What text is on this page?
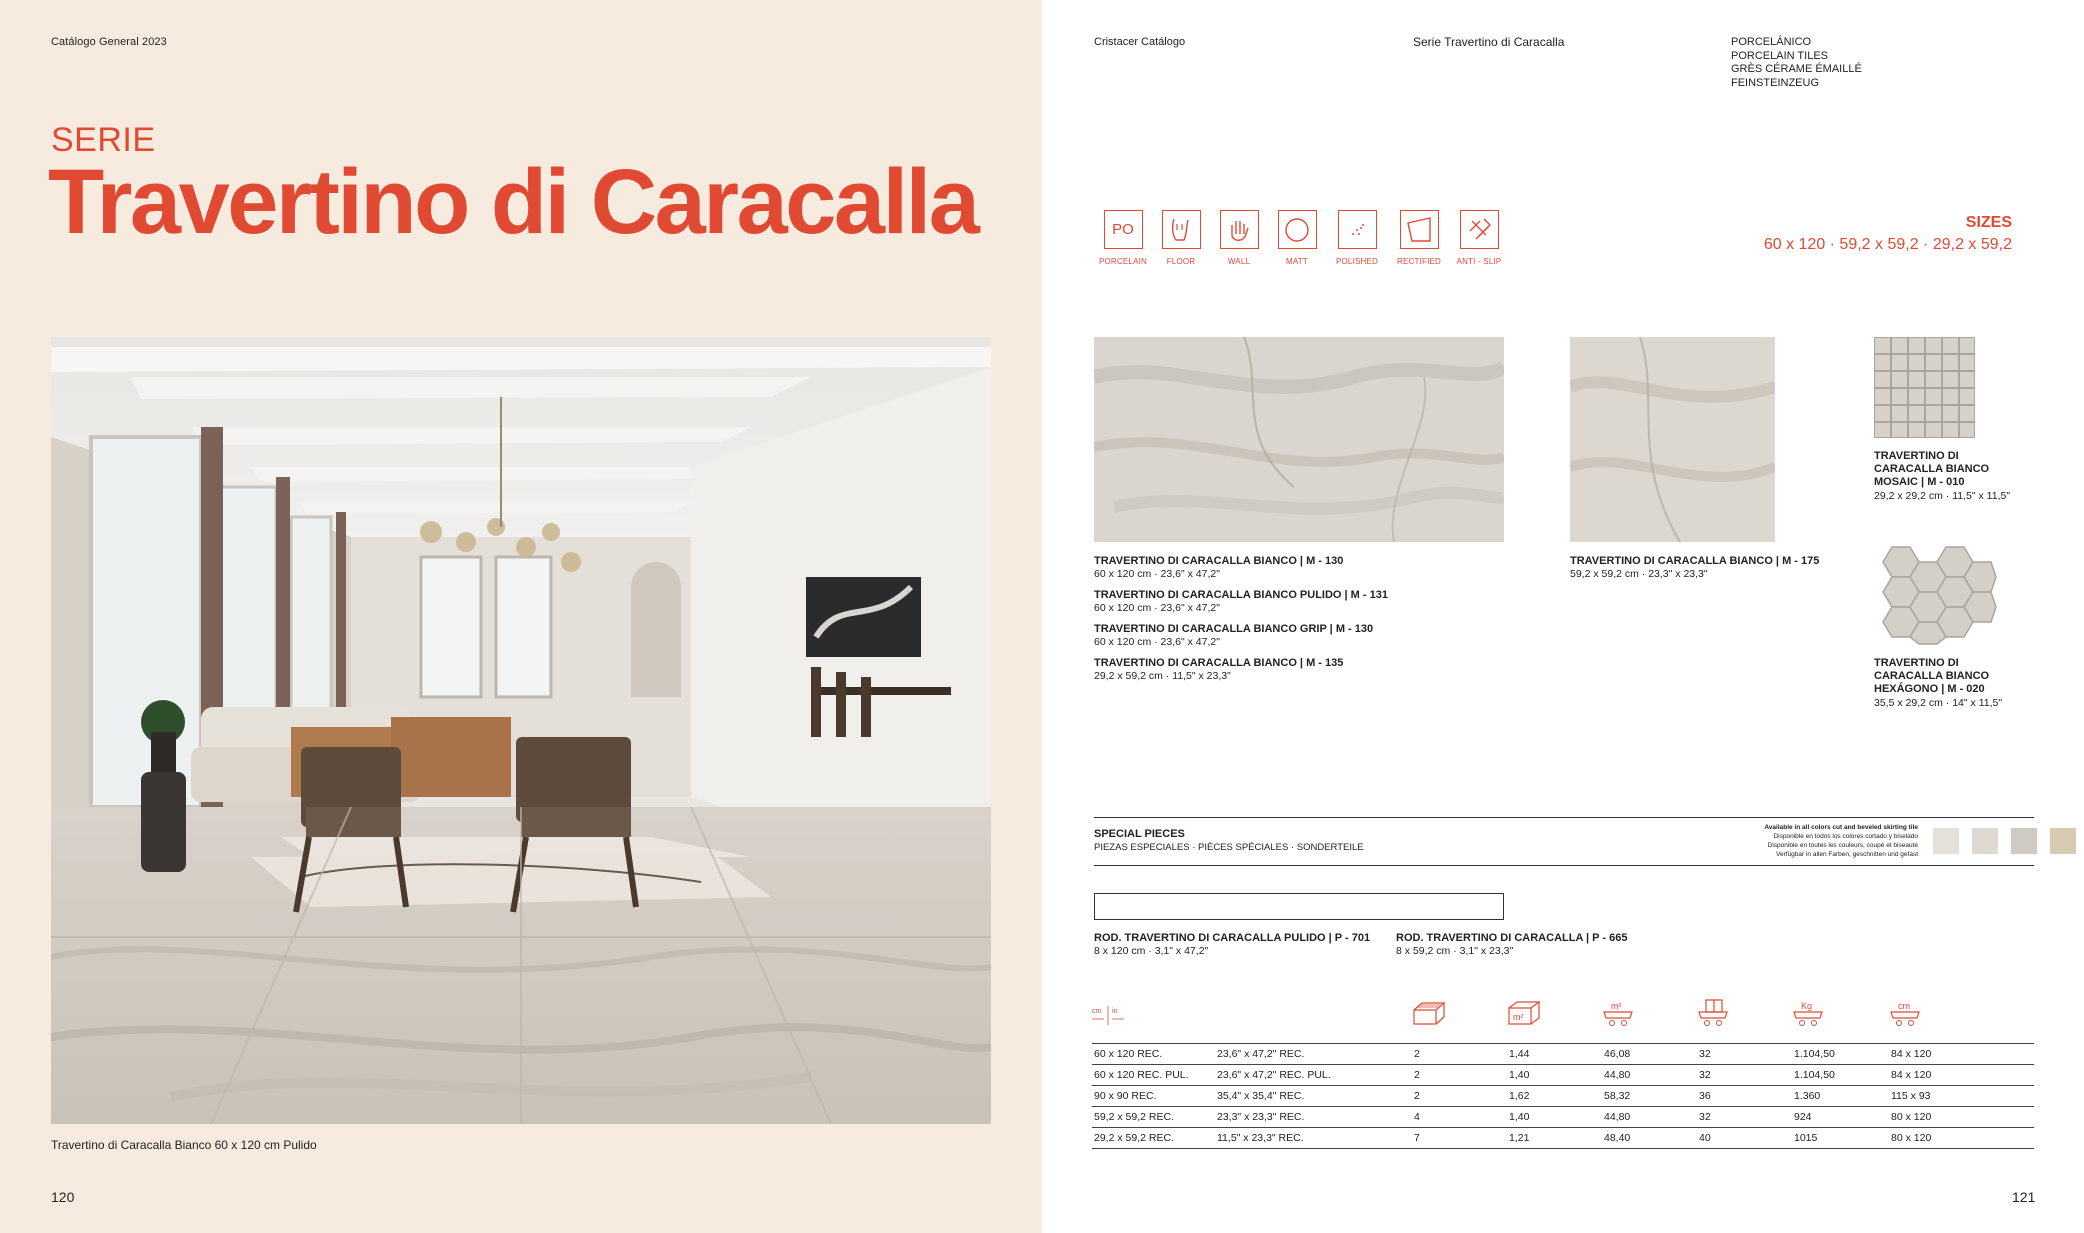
Catálogo General 2023
SERIE
Travertino di Caracalla
Travertino di Caracalla Bianco 60 x 120 cm Pulido
120
Cristacer Catálogo	Serie Travertino di Caracalla	PORCELÁNICO
PORCELAIN TILES
GRÈS CÉRAME ÉMAILLÉ
FEINSTEINZEUG
PO
PORCELAIN FLOOR	WALL	MATT	POLISHED RECTIFIED ANTI - SLIP
SIZES
60 x 120 · 59,2 x 59,2 · 29,2 x 59,2
TRAVERTINO DI CARACALLA BIANCO | M - 130
60 x 120 cm · 23,6" x 47,2"
TRAVERTINO DI CARACALLA BIANCO PULIDO | M - 131
60 x 120 cm · 23,6" x 47,2"
TRAVERTINO DI CARACALLA BIANCO GRIP | M - 130
60 x 120 cm · 23,6" x 47,2"
TRAVERTINO DI CARACALLA BIANCO | M - 135
29,2 x 59,2 cm · 11,5" x 23,3"
TRAVERTINO DI CARACALLA BIANCO | M - 175
59,2 x 59,2 cm · 23,3" x 23,3"
TRAVERTINO DI
CARACALLA BIANCO
MOSAIC | M - 010
29,2 x 29,2 cm · 11,5" x 11,5"
TRAVERTINO DI
CARACALLA BIANCO
HEXÁGONO | M - 020
35,5 x 29,2 cm · 14" x 11,5"
SPECIAL PIECES
PIEZAS ESPECIALES · PIÈCES SPÉCIALES · SONDERTEILE
Available in all colors cut and beveled skirting tile
Disponible en todos los colores cortado y biselado
Disponible en toutes les couleurs, coupé et biseauté
Verfügbar in allen Farben, geschnitten und gefast
ROD. TRAVERTINO DI CARACALLA PULIDO | P - 701
8 x 120 cm · 3,1" x 47,2"
ROD. TRAVERTINO DI CARACALLA | P - 665
8 x 59,2 cm · 3,1" x 23,3"
cm in
m²
m²	Kg	cm
60 x 120 REC.	23,6" x 47,2" REC.	2	1,44	46,08	32	1.104,50	84 x 120
60 x 120 REC. PUL.	23,6" x 47,2" REC. PUL.	2	1,40	44,80	32	1.104,50	84 x 120
90 x 90 REC.	35,4" x 35,4" REC.	2	1,62	58,32	36	1.360	115 x 93
59,2 x 59,2 REC.	23,3" x 23,3" REC.	4	1,40	44,80	32	924	80 x 120
29,2 x 59,2 REC.	11,5" x 23,3" REC.	7	1,21	48,40	40	1015	80 x 120
121
